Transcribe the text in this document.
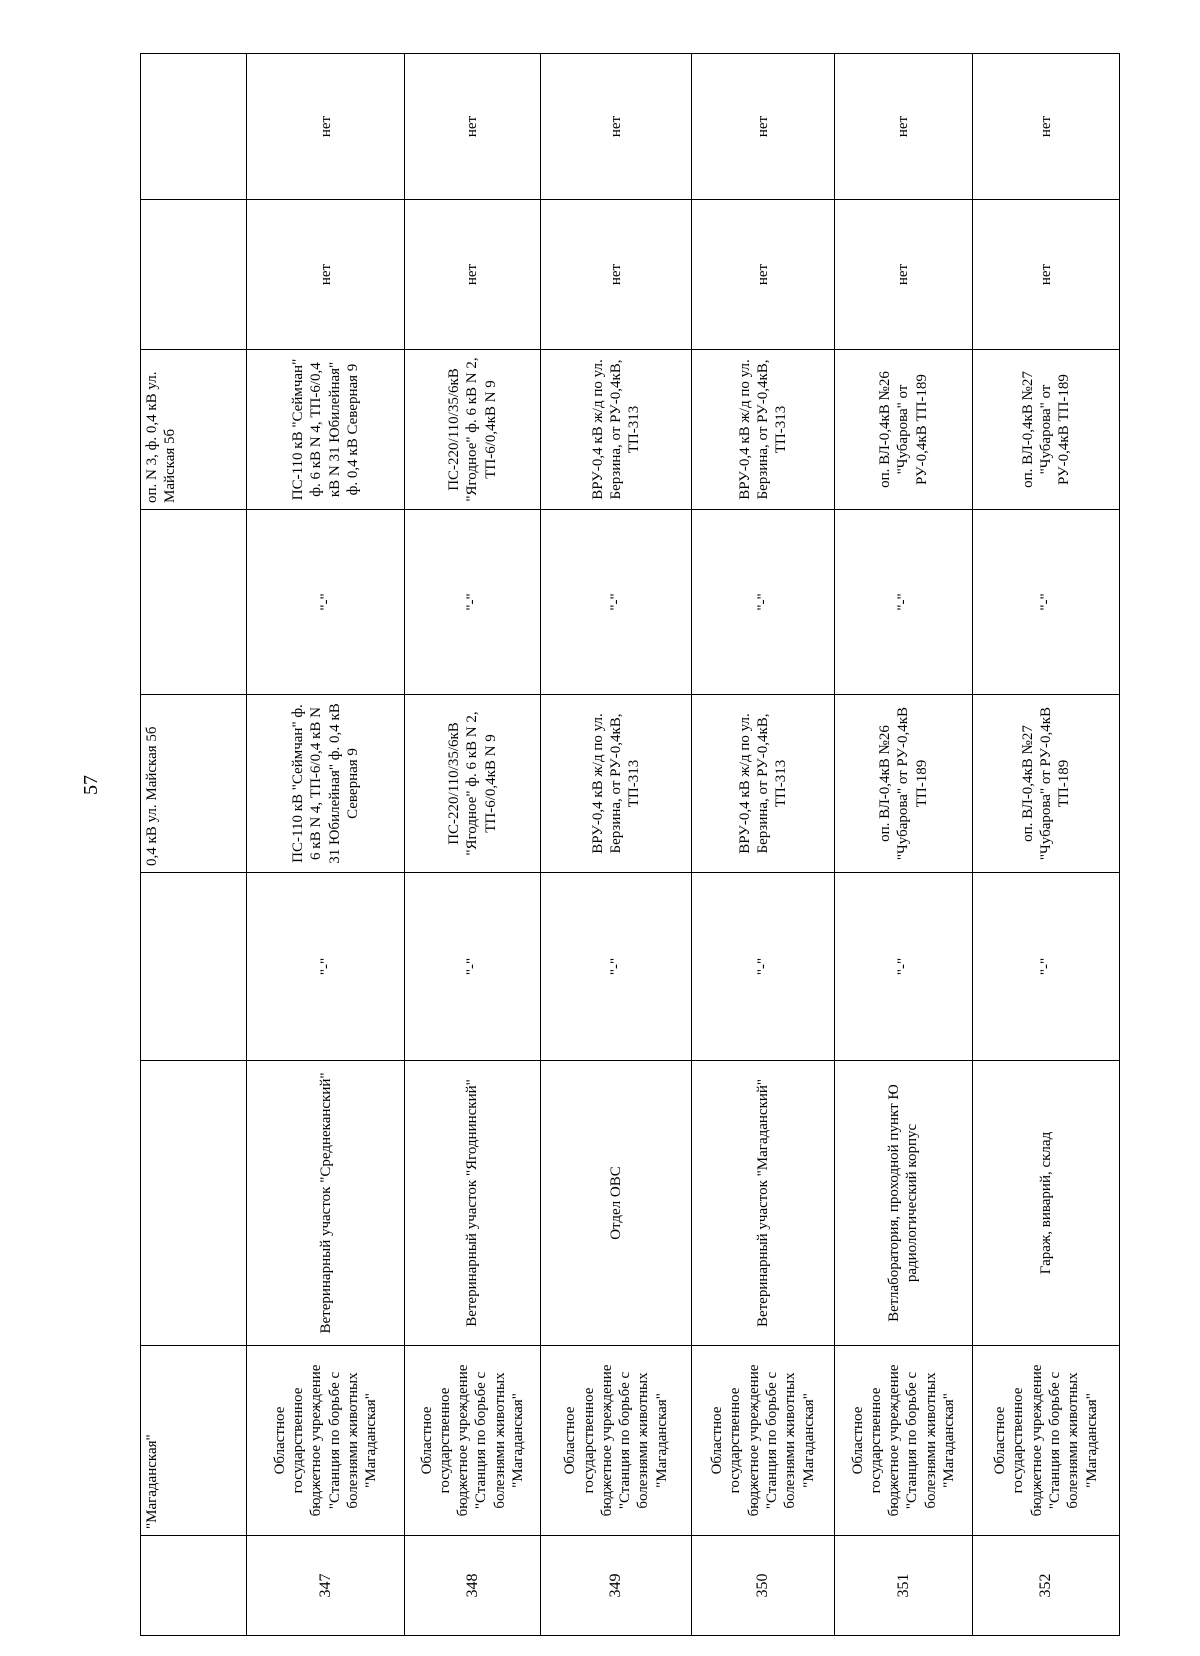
57
	"Магаданская"			0,4 кВ ул. Майская 5б		оп. N 3, ф. 0,4 кВ ул. Майская 5б		
347	Областное государственное бюджетное учреждение "Станция по борьбе с болезнями животных "Магаданская"	Ветеринарный участок "Среднеканский"	"-"	ПС-110 кВ "Сеймчан" ф. 6 кВ N 4, ТП-6/0,4 кВ N 31 Юбилейная" ф. 0,4 кВ Северная 9	"-"	ПС-110 кВ "Сеймчан" ф. 6 кВ N 4, ТП-6/0,4 кВ N 31 Юбилейная" ф. 0,4 кВ Северная 9	нет	нет
348	Областное государственное бюджетное учреждение "Станция по борьбе с болезнями животных "Магаданская"	Ветеринарный участок "Ягоднинский"	"-"	ПС-220/110/35/6кВ "Ягодное" ф. 6 кВ N 2, ТП-6/0,4кВ N 9	"-"	ПС-220/110/35/6кВ "Ягодное" ф. 6 кВ N 2, ТП-6/0,4кВ N 9	нет	нет
349	Областное государственное бюджетное учреждение "Станция по борьбе с болезнями животных "Магаданская"	Отдел ОВС	"-"	ВРУ-0,4 кВ ж/д по ул. Берзина, от РУ-0,4кВ, ТП-313	"-"	ВРУ-0,4 кВ ж/д по ул. Берзина, от РУ-0,4кВ, ТП-313	нет	нет
350	Областное государственное бюджетное учреждение "Станция по борьбе с болезнями животных "Магаданская"	Ветеринарный участок "Магаданский"	"-"	ВРУ-0,4 кВ ж/д по ул. Берзина, от РУ-0,4кВ, ТП-313	"-"	ВРУ-0,4 кВ ж/д по ул. Берзина, от РУ-0,4кВ, ТП-313	нет	нет
351	Областное государственное бюджетное учреждение "Станция по борьбе с болезнями животных "Магаданская"	Ветлаборатория, проходной пункт Ю радиологический корпус	"-"	оп. ВЛ-0,4кВ №26 "Чубарова" от РУ-0,4кВ ТП-189	"-"	оп. ВЛ-0,4кВ №26 "Чубарова" от РУ-0,4кВ ТП-189	нет	нет
352	Областное государственное бюджетное учреждение "Станция по борьбе с болезнями животных "Магаданская"	Гараж, виварий, склад	"-"	оп. ВЛ-0,4кВ №27 "Чубарова" от РУ-0,4кВ ТП-189	"-"	оп. ВЛ-0,4кВ №27 "Чубарова" от РУ-0,4кВ ТП-189	нет	нет
